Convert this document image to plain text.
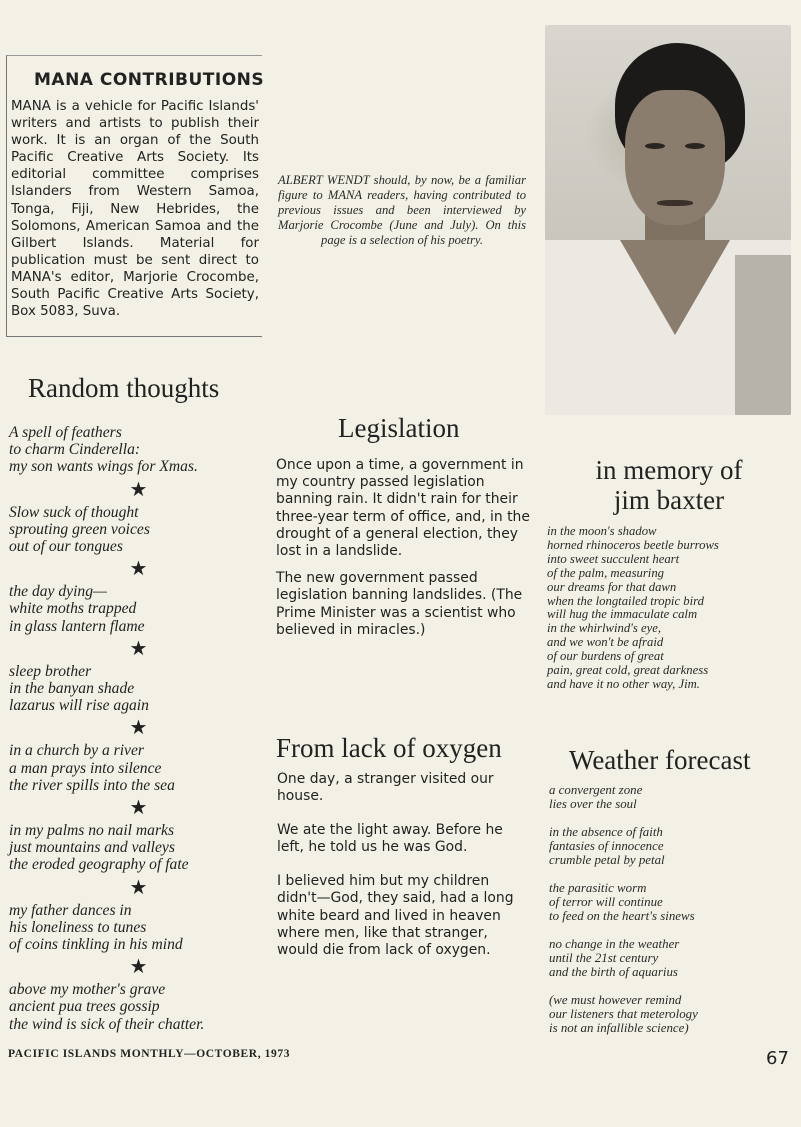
MANA CONTRIBUTIONS
MANA is a vehicle for Pacific Islands' writers and artists to publish their work. It is an organ of the South Pacific Creative Arts Society. Its editorial committee comprises Islanders from Western Samoa, Tonga, Fiji, New Hebrides, the Solomons, American Samoa and the Gilbert Islands. Material for publication must be sent direct to MANA's editor, Marjorie Crocombe, South Pacific Creative Arts Society, Box 5083, Suva.
ALBERT WENDT should, by now, be a familiar figure to MANA readers, having contributed to previous issues and been interviewed by Marjorie Crocombe (June and July). On this page is a selection of his poetry.
Random thoughts
A spell of feathers
to charm Cinderella:
my son wants wings for Xmas.
★
Slow suck of thought
sprouting green voices
out of our tongues
★
the day dying—
white moths trapped
in glass lantern flame
★
sleep brother
in the banyan shade
lazarus will rise again
★
in a church by a river
a man prays into silence
the river spills into the sea
★
in my palms no nail marks
just mountains and valleys
the eroded geography of fate
★
my father dances in
his loneliness to tunes
of coins tinkling in his mind
★
above my mother's grave
ancient pua trees gossip
the wind is sick of their chatter.
Legislation

Once upon a time, a government in my country passed legislation banning rain. It didn't rain for their three-year term of office, and, in the drought of a general election, they lost in a landslide.

The new government passed legislation banning landslides. (The Prime Minister was a scientist who believed in miracles.)

in memory of
jim baxter
in the moon's shadow
horned rhinoceros beetle burrows
into sweet succulent heart
of the palm, measuring
our dreams for that dawn
when the longtailed tropic bird
will hug the immaculate calm
in the whirlwind's eye,
and we won't be afraid
of our burdens of great
pain, great cold, great darkness
and have it no other way, Jim.
From lack of oxygen

One day, a stranger visited our house.

We ate the light away. Before he left, he told us he was God.

I believed him but my children didn't—God, they said, had a long white beard and lived in heaven where men, like that stranger, would die from lack of oxygen.

Weather forecast

a convergent zone
lies over the soul

in the absence of faith
fantasies of innocence
crumble petal by petal

the parasitic worm
of terror will continue
to feed on the heart's sinews

no change in the weather
until the 21st century
and the birth of aquarius

(we must however remind
our listeners that meterology
is not an infallible science)

PACIFIC ISLANDS MONTHLY—OCTOBER, 1973	67
